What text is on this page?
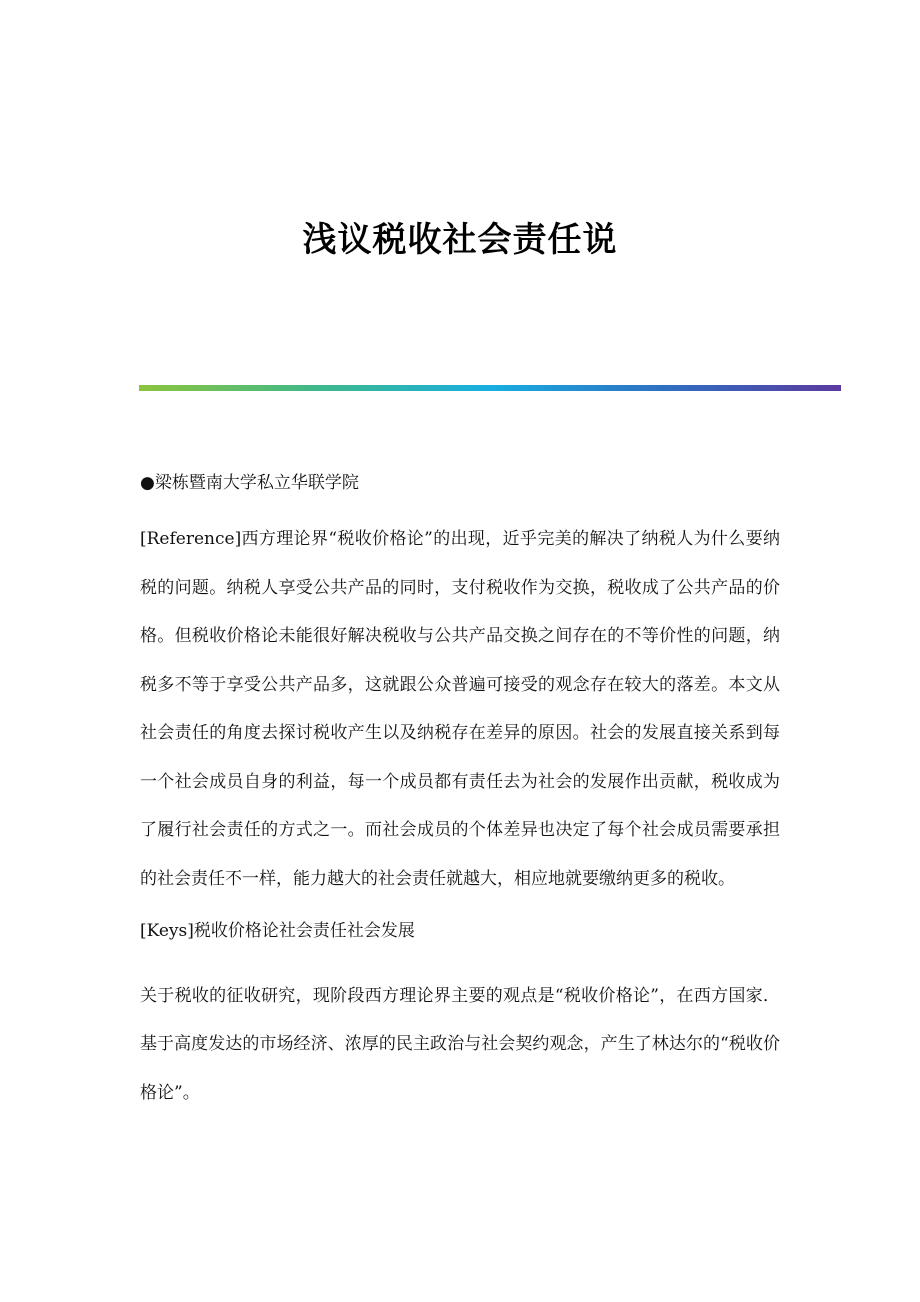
浅议税收社会责任说

●梁栋暨南大学私立华联学院

[Reference]西方理论界“税收价格论”的出现，近乎完美的解决了纳税人为什么要纳税的问题。纳税人享受公共产品的同时，支付税收作为交换，税收成了公共产品的价格。但税收价格论未能很好解决税收与公共产品交换之间存在的不等价性的问题，纳税多不等于享受公共产品多，这就跟公众普遍可接受的观念存在较大的落差。本文从社会责任的角度去探讨税收产生以及纳税存在差异的原因。社会的发展直接关系到每一个社会成员自身的利益，每一个成员都有责任去为社会的发展作出贡献，税收成为了履行社会责任的方式之一。而社会成员的个体差异也决定了每个社会成员需要承担的社会责任不一样，能力越大的社会责任就越大，相应地就要缴纳更多的税收。

[Keys]税收价格论社会责任社会发展

关于税收的征收研究，现阶段西方理论界主要的观点是“税收价格论”，在西方国家．基于高度发达的市场经济、浓厚的民主政治与社会契约观念，产生了林达尔的“税收价格论”。
